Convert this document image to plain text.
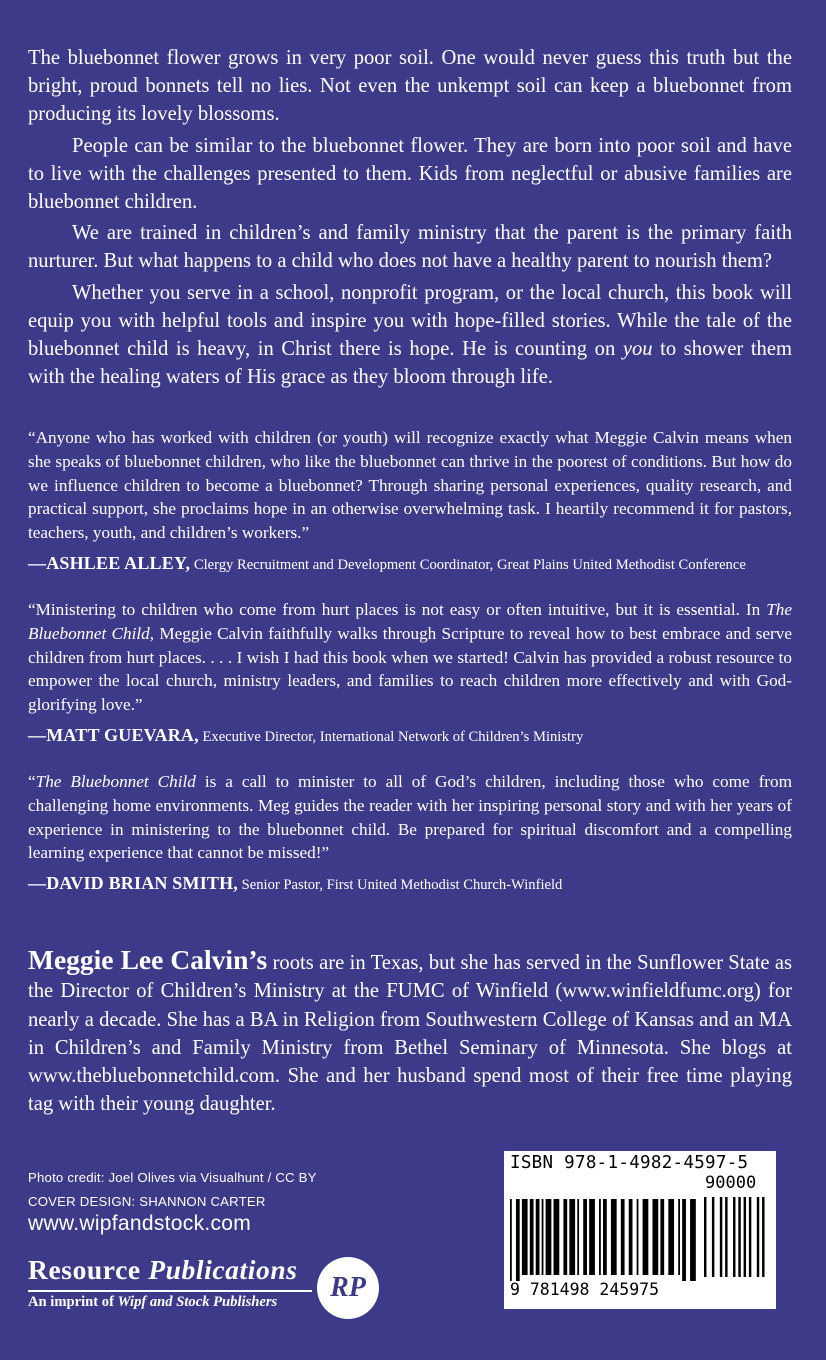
The bluebonnet flower grows in very poor soil. One would never guess this truth but the bright, proud bonnets tell no lies. Not even the unkempt soil can keep a bluebonnet from producing its lovely blossoms.

People can be similar to the bluebonnet flower. They are born into poor soil and have to live with the challenges presented to them. Kids from neglectful or abusive families are bluebonnet children.

We are trained in children’s and family ministry that the parent is the primary faith nurturer. But what happens to a child who does not have a healthy parent to nourish them?

Whether you serve in a school, nonprofit program, or the local church, this book will equip you with helpful tools and inspire you with hope-filled stories. While the tale of the bluebonnet child is heavy, in Christ there is hope. He is counting on you to shower them with the healing waters of His grace as they bloom through life.

“Anyone who has worked with children (or youth) will recognize exactly what Meggie Calvin means when she speaks of bluebonnet children, who like the bluebonnet can thrive in the poorest of conditions. But how do we influence children to become a bluebonnet? Through sharing personal experiences, quality research, and practical support, she proclaims hope in an otherwise overwhelming task. I heartily recommend it for pastors, teachers, youth, and children’s workers.”

—ASHLEE ALLEY, Clergy Recruitment and Development Coordinator, Great Plains United Methodist Conference

“Ministering to children who come from hurt places is not easy or often intuitive, but it is essential. In The Bluebonnet Child, Meggie Calvin faithfully walks through Scripture to reveal how to best embrace and serve children from hurt places. . . . I wish I had this book when we started! Calvin has provided a robust resource to empower the local church, ministry leaders, and families to reach children more effectively and with God-glorifying love.”

—MATT GUEVARA, Executive Director, International Network of Children’s Ministry

“The Bluebonnet Child is a call to minister to all of God’s children, including those who come from challenging home environments. Meg guides the reader with her inspiring personal story and with her years of experience in ministering to the bluebonnet child. Be prepared for spiritual discomfort and a compelling learning experience that cannot be missed!”

—DAVID BRIAN SMITH, Senior Pastor, First United Methodist Church-Winfield

Meggie Lee Calvin’s roots are in Texas, but she has served in the Sunflower State as the Director of Children’s Ministry at the FUMC of Winfield (www.winfieldfumc.org) for nearly a decade. She has a BA in Religion from Southwestern College of Kansas and an MA in Children’s and Family Ministry from Bethel Seminary of Minnesota. She blogs at www.thebluebonnetchild.com. She and her husband spend most of their free time playing tag with their young daughter.

Photo credit: Joel Olives via Visualhunt / CC BY
COVER DESIGN: SHANNON CARTER
www.wipfandstock.com
Resource Publications
An imprint of Wipf and Stock Publishers	RP
ISBN 978-1-4982-4597-5
90000
9 781498 245975
